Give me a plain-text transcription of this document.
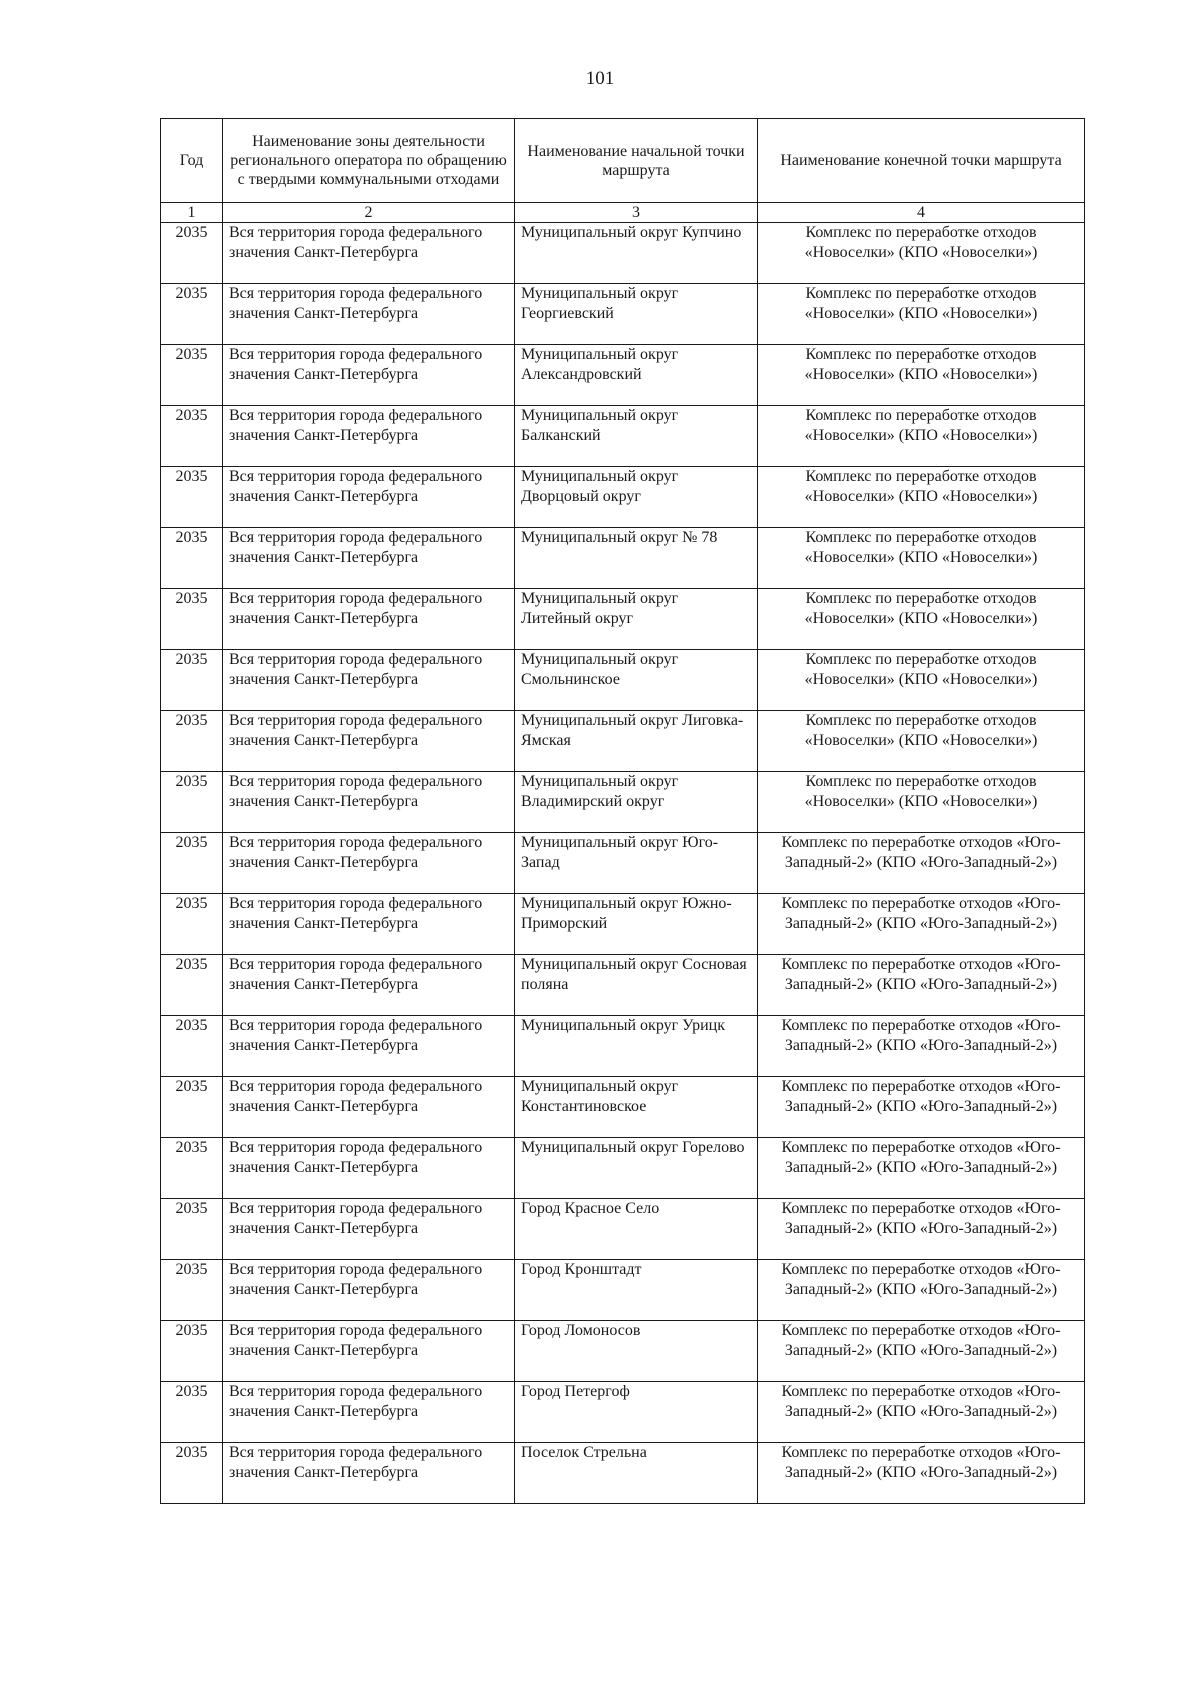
101
Год	Наименование зоны деятельности регионального оператора по обращению с твердыми коммунальными отходами	Наименование начальной точки маршрута	Наименование конечной точки маршрута
1	2	3	4
2035	Вся территория города федерального значения Санкт-Петербурга	Муниципальный округ Купчино	Комплекс по переработке отходов «Новоселки» (КПО «Новоселки»)
2035	Вся территория города федерального значения Санкт-Петербурга	Муниципальный округ Георгиевский	Комплекс по переработке отходов «Новоселки» (КПО «Новоселки»)
2035	Вся территория города федерального значения Санкт-Петербурга	Муниципальный округ Александровский	Комплекс по переработке отходов «Новоселки» (КПО «Новоселки»)
2035	Вся территория города федерального значения Санкт-Петербурга	Муниципальный округ Балканский	Комплекс по переработке отходов «Новоселки» (КПО «Новоселки»)
2035	Вся территория города федерального значения Санкт-Петербурга	Муниципальный округ Дворцовый округ	Комплекс по переработке отходов «Новоселки» (КПО «Новоселки»)
2035	Вся территория города федерального значения Санкт-Петербурга	Муниципальный округ № 78	Комплекс по переработке отходов «Новоселки» (КПО «Новоселки»)
2035	Вся территория города федерального значения Санкт-Петербурга	Муниципальный округ Литейный округ	Комплекс по переработке отходов «Новоселки» (КПО «Новоселки»)
2035	Вся территория города федерального значения Санкт-Петербурга	Муниципальный округ Смольнинское	Комплекс по переработке отходов «Новоселки» (КПО «Новоселки»)
2035	Вся территория города федерального значения Санкт-Петербурга	Муниципальный округ Лиговка-Ямская	Комплекс по переработке отходов «Новоселки» (КПО «Новоселки»)
2035	Вся территория города федерального значения Санкт-Петербурга	Муниципальный округ Владимирский округ	Комплекс по переработке отходов «Новоселки» (КПО «Новоселки»)
2035	Вся территория города федерального значения Санкт-Петербурга	Муниципальный округ Юго-Запад	Комплекс по переработке отходов «Юго-Западный-2» (КПО «Юго-Западный-2»)
2035	Вся территория города федерального значения Санкт-Петербурга	Муниципальный округ Южно-Приморский	Комплекс по переработке отходов «Юго-Западный-2» (КПО «Юго-Западный-2»)
2035	Вся территория города федерального значения Санкт-Петербурга	Муниципальный округ Сосновая поляна	Комплекс по переработке отходов «Юго-Западный-2» (КПО «Юго-Западный-2»)
2035	Вся территория города федерального значения Санкт-Петербурга	Муниципальный округ Урицк	Комплекс по переработке отходов «Юго-Западный-2» (КПО «Юго-Западный-2»)
2035	Вся территория города федерального значения Санкт-Петербурга	Муниципальный округ Константиновское	Комплекс по переработке отходов «Юго-Западный-2» (КПО «Юго-Западный-2»)
2035	Вся территория города федерального значения Санкт-Петербурга	Муниципальный округ Горелово	Комплекс по переработке отходов «Юго-Западный-2» (КПО «Юго-Западный-2»)
2035	Вся территория города федерального значения Санкт-Петербурга	Город Красное Село	Комплекс по переработке отходов «Юго-Западный-2» (КПО «Юго-Западный-2»)
2035	Вся территория города федерального значения Санкт-Петербурга	Город Кронштадт	Комплекс по переработке отходов «Юго-Западный-2» (КПО «Юго-Западный-2»)
2035	Вся территория города федерального значения Санкт-Петербурга	Город Ломоносов	Комплекс по переработке отходов «Юго-Западный-2» (КПО «Юго-Западный-2»)
2035	Вся территория города федерального значения Санкт-Петербурга	Город Петергоф	Комплекс по переработке отходов «Юго-Западный-2» (КПО «Юго-Западный-2»)
2035	Вся территория города федерального значения Санкт-Петербурга	Поселок Стрельна	Комплекс по переработке отходов «Юго-Западный-2» (КПО «Юго-Западный-2»)
